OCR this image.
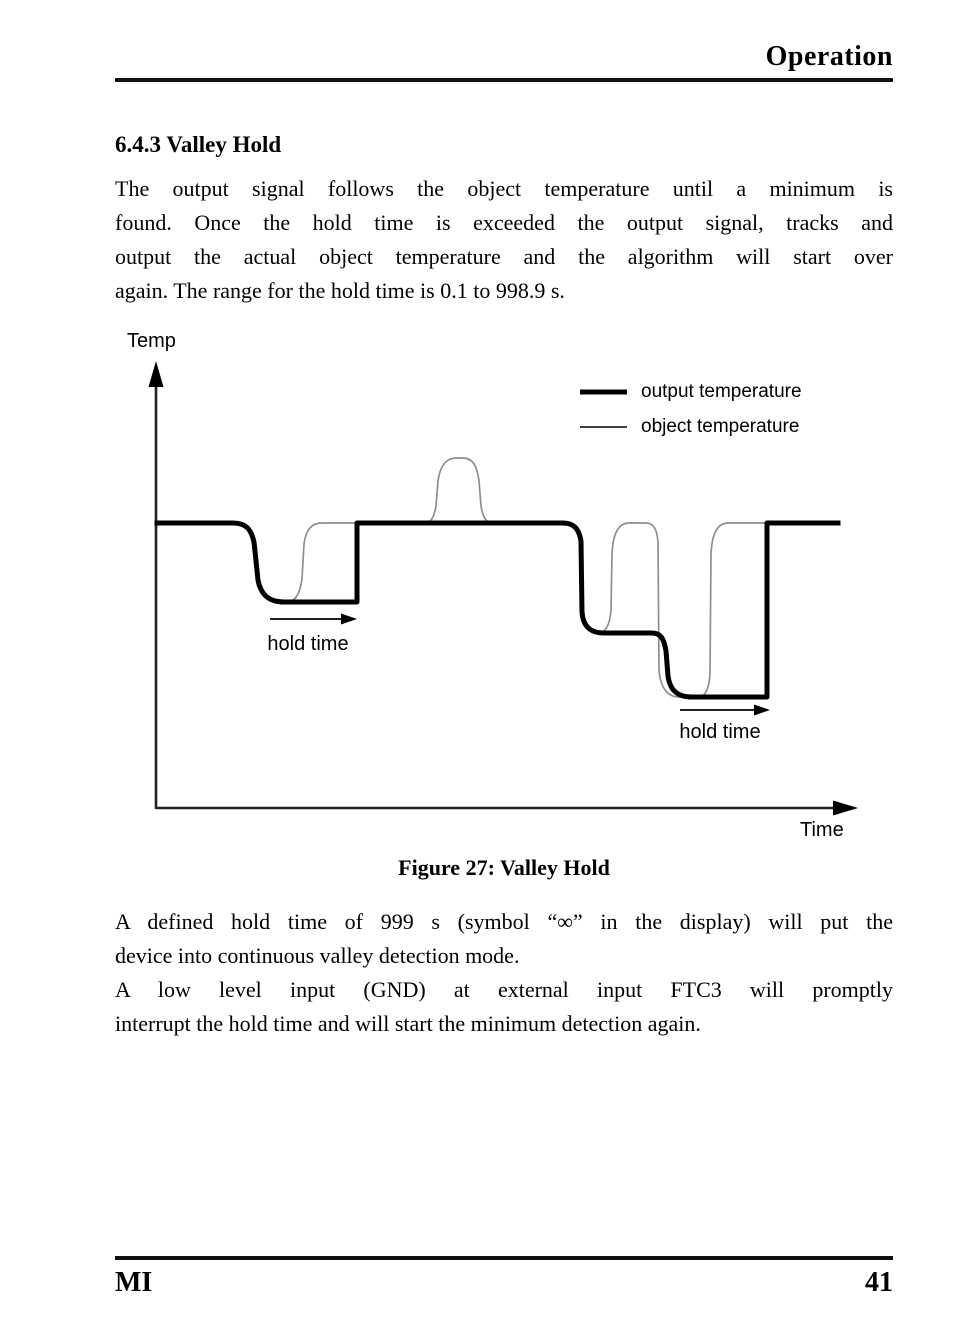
Operation
6.4.3 Valley Hold
The output signal follows the object temperature until a minimum is
found. Once the hold time is exceeded the output signal, tracks and
output the actual object temperature and the algorithm will start over
again. The range for the hold time is 0.1 to 998.9 s.
Temp
Time
hold time
hold time
output temperature
object temperature
Figure 27: Valley Hold
A defined hold time of 999 s (symbol “∞” in the display) will put the
device into continuous valley detection mode.
A low level input (GND) at external input FTC3 will promptly
interrupt the hold time and will start the minimum detection again.
MI	41
